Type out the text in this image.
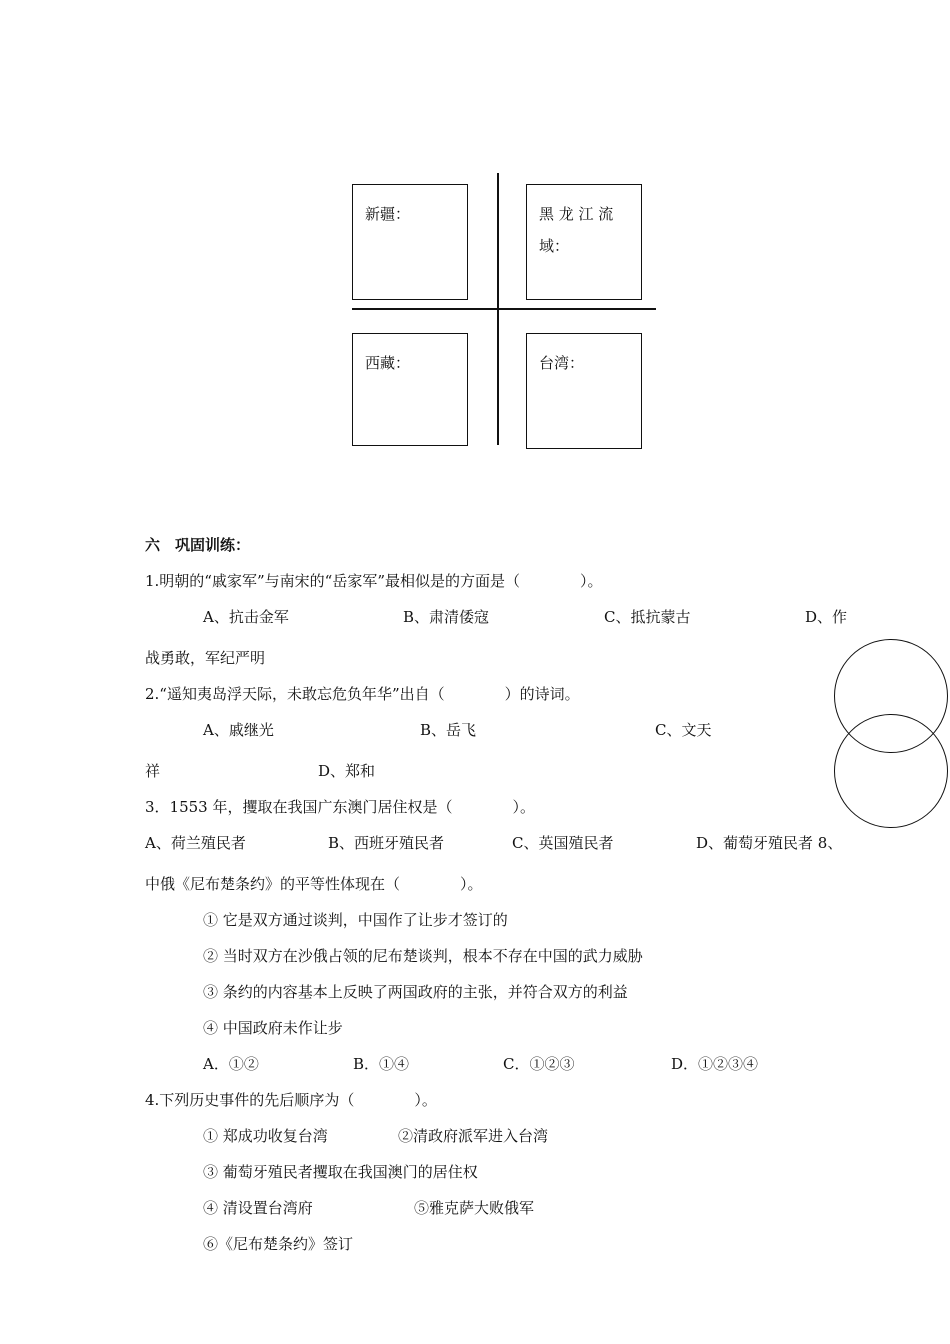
新疆：	黑 龙 江 流
域：
西藏：	台湾：
六　巩固训练：
1.明朝的“戚家军”与南宋的“岳家军”最相似是的方面是（　　　　）。
A、抗击金军	B、肃清倭寇	C、抵抗蒙古	D、作
战勇敢，军纪严明
2.“遥知夷岛浮天际，未敢忘危负年华”出自（　　　　）的诗词。
A、戚继光	B、岳飞	C、文天
祥	D、郑和
3．1553 年，攫取在我国广东澳门居住权是（　　　　）。
A、荷兰殖民者	B、西班牙殖民者	C、英国殖民者	D、葡萄牙殖民者 8、
中俄《尼布楚条约》的平等性体现在（　　　　）。
① 它是双方通过谈判，中国作了让步才签订的
② 当时双方在沙俄占领的尼布楚谈判，根本不存在中国的武力威胁
③ 条约的内容基本上反映了两国政府的主张，并符合双方的利益
④ 中国政府未作让步
A．①②	B．①④	C．①②③	D．①②③④
4.下列历史事件的先后顺序为（　　　　）。
① 郑成功收复台湾	②清政府派军进入台湾
③ 葡萄牙殖民者攫取在我国澳门的居住权
④ 清设置台湾府	⑤雅克萨大败俄军
⑥《尼布楚条约》签订
